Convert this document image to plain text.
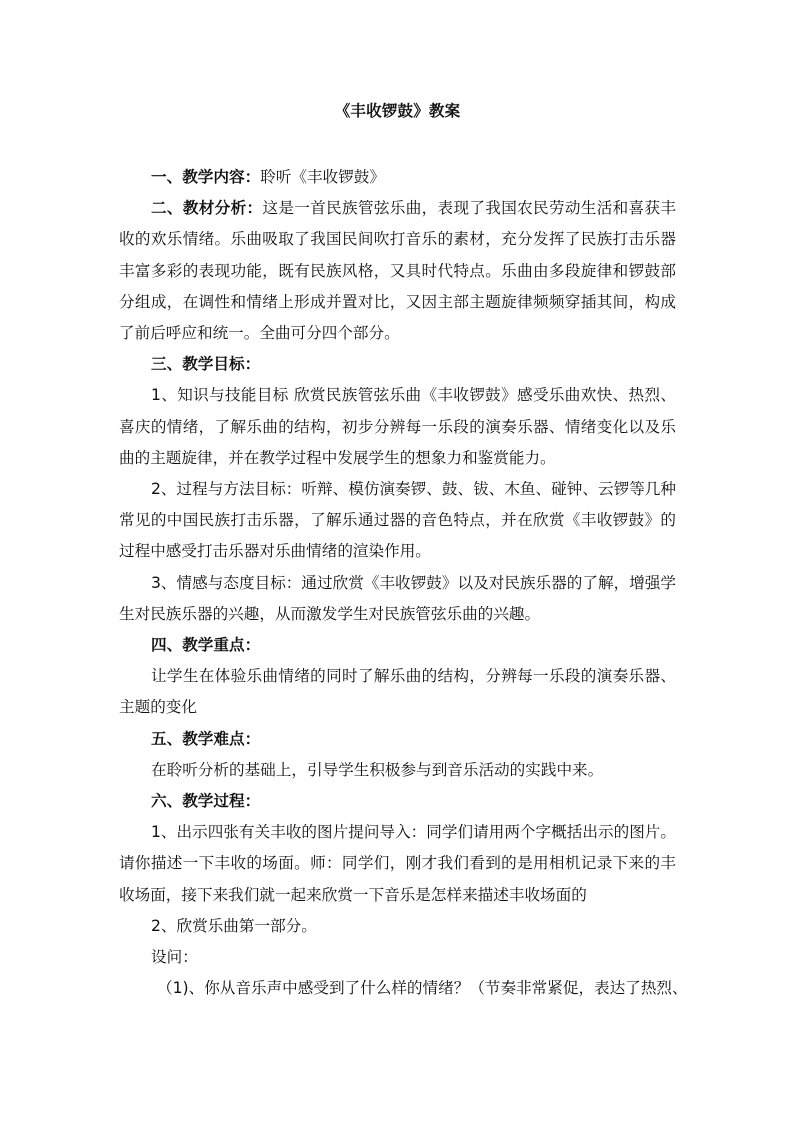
《丰收锣鼓》教案

一、教学内容：聆听《丰收锣鼓》

二、教材分析：这是一首民族管弦乐曲，表现了我国农民劳动生活和喜获丰收的欢乐情绪。乐曲吸取了我国民间吹打音乐的素材，充分发挥了民族打击乐器丰富多彩的表现功能，既有民族风格，又具时代特点。乐曲由多段旋律和锣鼓部分组成，在调性和情绪上形成并置对比，又因主部主题旋律频频穿插其间，构成了前后呼应和统一。全曲可分四个部分。

三、教学目标：

1、知识与技能目标 欣赏民族管弦乐曲《丰收锣鼓》感受乐曲欢快、热烈、喜庆的情绪，了解乐曲的结构，初步分辨每一乐段的演奏乐器、情绪变化以及乐曲的主题旋律，并在教学过程中发展学生的想象力和鉴赏能力。

2、过程与方法目标：听辩、模仿演奏锣、鼓、钹、木鱼、碰钟、云锣等几种常见的中国民族打击乐器，了解乐通过器的音色特点，并在欣赏《丰收锣鼓》的过程中感受打击乐器对乐曲情绪的渲染作用。

3、情感与态度目标：通过欣赏《丰收锣鼓》以及对民族乐器的了解，增强学生对民族乐器的兴趣，从而激发学生对民族管弦乐曲的兴趣。

四、教学重点：

让学生在体验乐曲情绪的同时了解乐曲的结构，分辨每一乐段的演奏乐器、主题的变化

五、教学难点：

在聆听分析的基础上，引导学生积极参与到音乐活动的实践中来。

六、教学过程：

1、出示四张有关丰收的图片提问导入：同学们请用两个字概括出示的图片。请你描述一下丰收的场面。师：同学们，刚才我们看到的是用相机记录下来的丰收场面，接下来我们就一起来欣赏一下音乐是怎样来描述丰收场面的

2、欣赏乐曲第一部分。

设问：

（1)、你从音乐声中感受到了什么样的情绪？（节奏非常紧促，表达了热烈、
